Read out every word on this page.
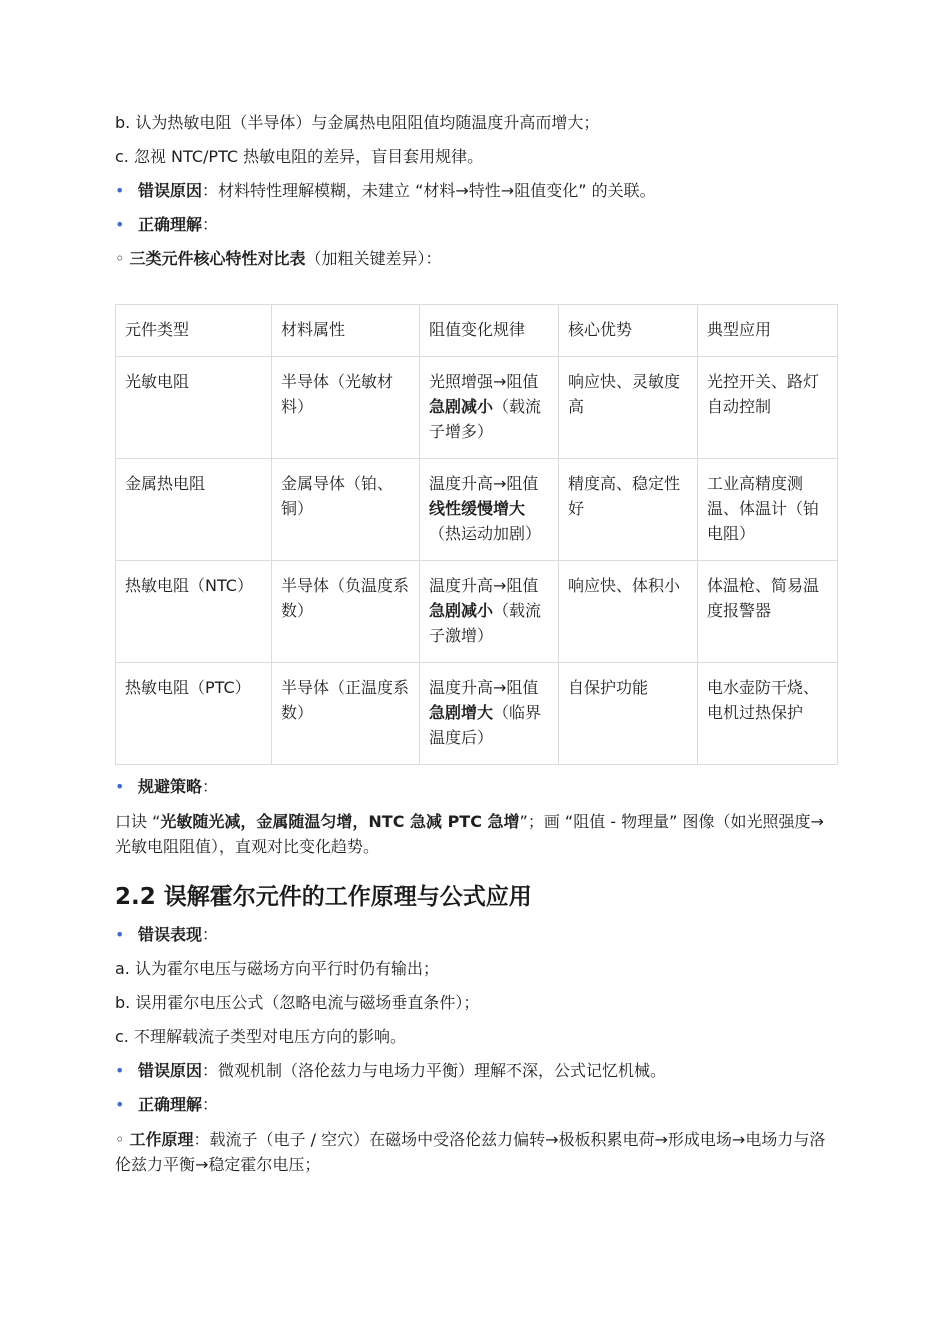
b. 认为热敏电阻（半导体）与金属热电阻阻值均随温度升高而增大；
c. 忽视 NTC/PTC 热敏电阻的差异，盲目套用规律。
• 错误原因：材料特性理解模糊，未建立 “材料→特性→阻值变化” 的关联。
• 正确理解：
◦ 三类元件核心特性对比表（加粗关键差异）：
元件类型	材料属性	阻值变化规律	核心优势	典型应用
光敏电阻	半导体（光敏材料）	光照增强→阻值急剧减小（载流子增多）	响应快、灵敏度高	光控开关、路灯自动控制
金属热电阻	金属导体（铂、铜）	温度升高→阻值线性缓慢增大（热运动加剧）	精度高、稳定性好	工业高精度测温、体温计（铂电阻）
热敏电阻（NTC）	半导体（负温度系数）	温度升高→阻值急剧减小（载流子激增）	响应快、体积小	体温枪、简易温度报警器
热敏电阻（PTC）	半导体（正温度系数）	温度升高→阻值急剧增大（临界温度后）	自保护功能	电水壶防干烧、电机过热保护
• 规避策略：
口诀 “光敏随光减，金属随温匀增，NTC 急减 PTC 急增”；画 “阻值 - 物理量” 图像（如光照强度→光敏电阻阻值），直观对比变化趋势。
2.2 误解霍尔元件的工作原理与公式应用
• 错误表现：
a. 认为霍尔电压与磁场方向平行时仍有输出；
b. 误用霍尔电压公式（忽略电流与磁场垂直条件）；
c. 不理解载流子类型对电压方向的影响。
• 错误原因：微观机制（洛伦兹力与电场力平衡）理解不深，公式记忆机械。
• 正确理解：
◦ 工作原理：载流子（电子 / 空穴）在磁场中受洛伦兹力偏转→极板积累电荷→形成电场→电场力与洛伦兹力平衡→稳定霍尔电压；
